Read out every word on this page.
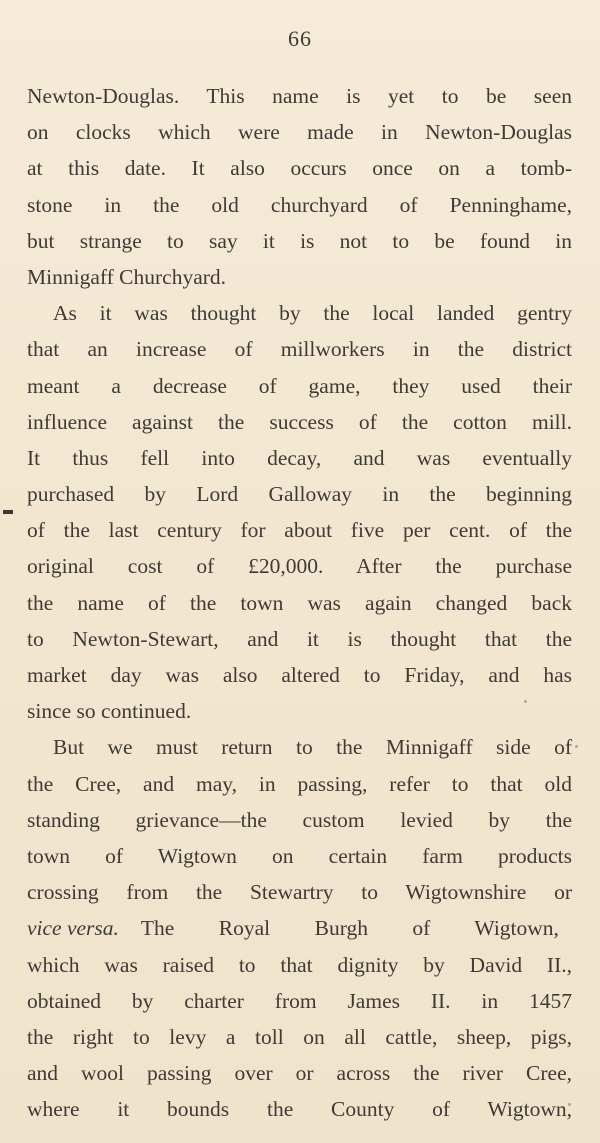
66
Newton-Douglas. This name is yet to be seen
on clocks which were made in Newton-Douglas
at this date. It also occurs once on a tomb-
stone in the old churchyard of Penninghame,
but strange to say it is not to be found in
Minnigaff Churchyard.
As it was thought by the local landed gentry
that an increase of millworkers in the district
meant a decrease of game, they used their
influence against the success of the cotton mill.
It thus fell into decay, and was eventually
purchased by Lord Galloway in the beginning
of the last century for about five per cent. of the
original cost of £20,000. After the purchase
the name of the town was again changed back
to Newton-Stewart, and it is thought that the
market day was also altered to Friday, and has
since so continued.
But we must return to the Minnigaff side of
the Cree, and may, in passing, refer to that old
standing grievance—the custom levied by the
town of Wigtown on certain farm products
crossing from the Stewartry to Wigtownshire or
vice versa. The Royal Burgh of Wigtown,
which was raised to that dignity by David II.,
obtained by charter from James II. in 1457
the right to levy a toll on all cattle, sheep, pigs,
and wool passing over or across the river Cree,
where it bounds the County of Wigtown,
